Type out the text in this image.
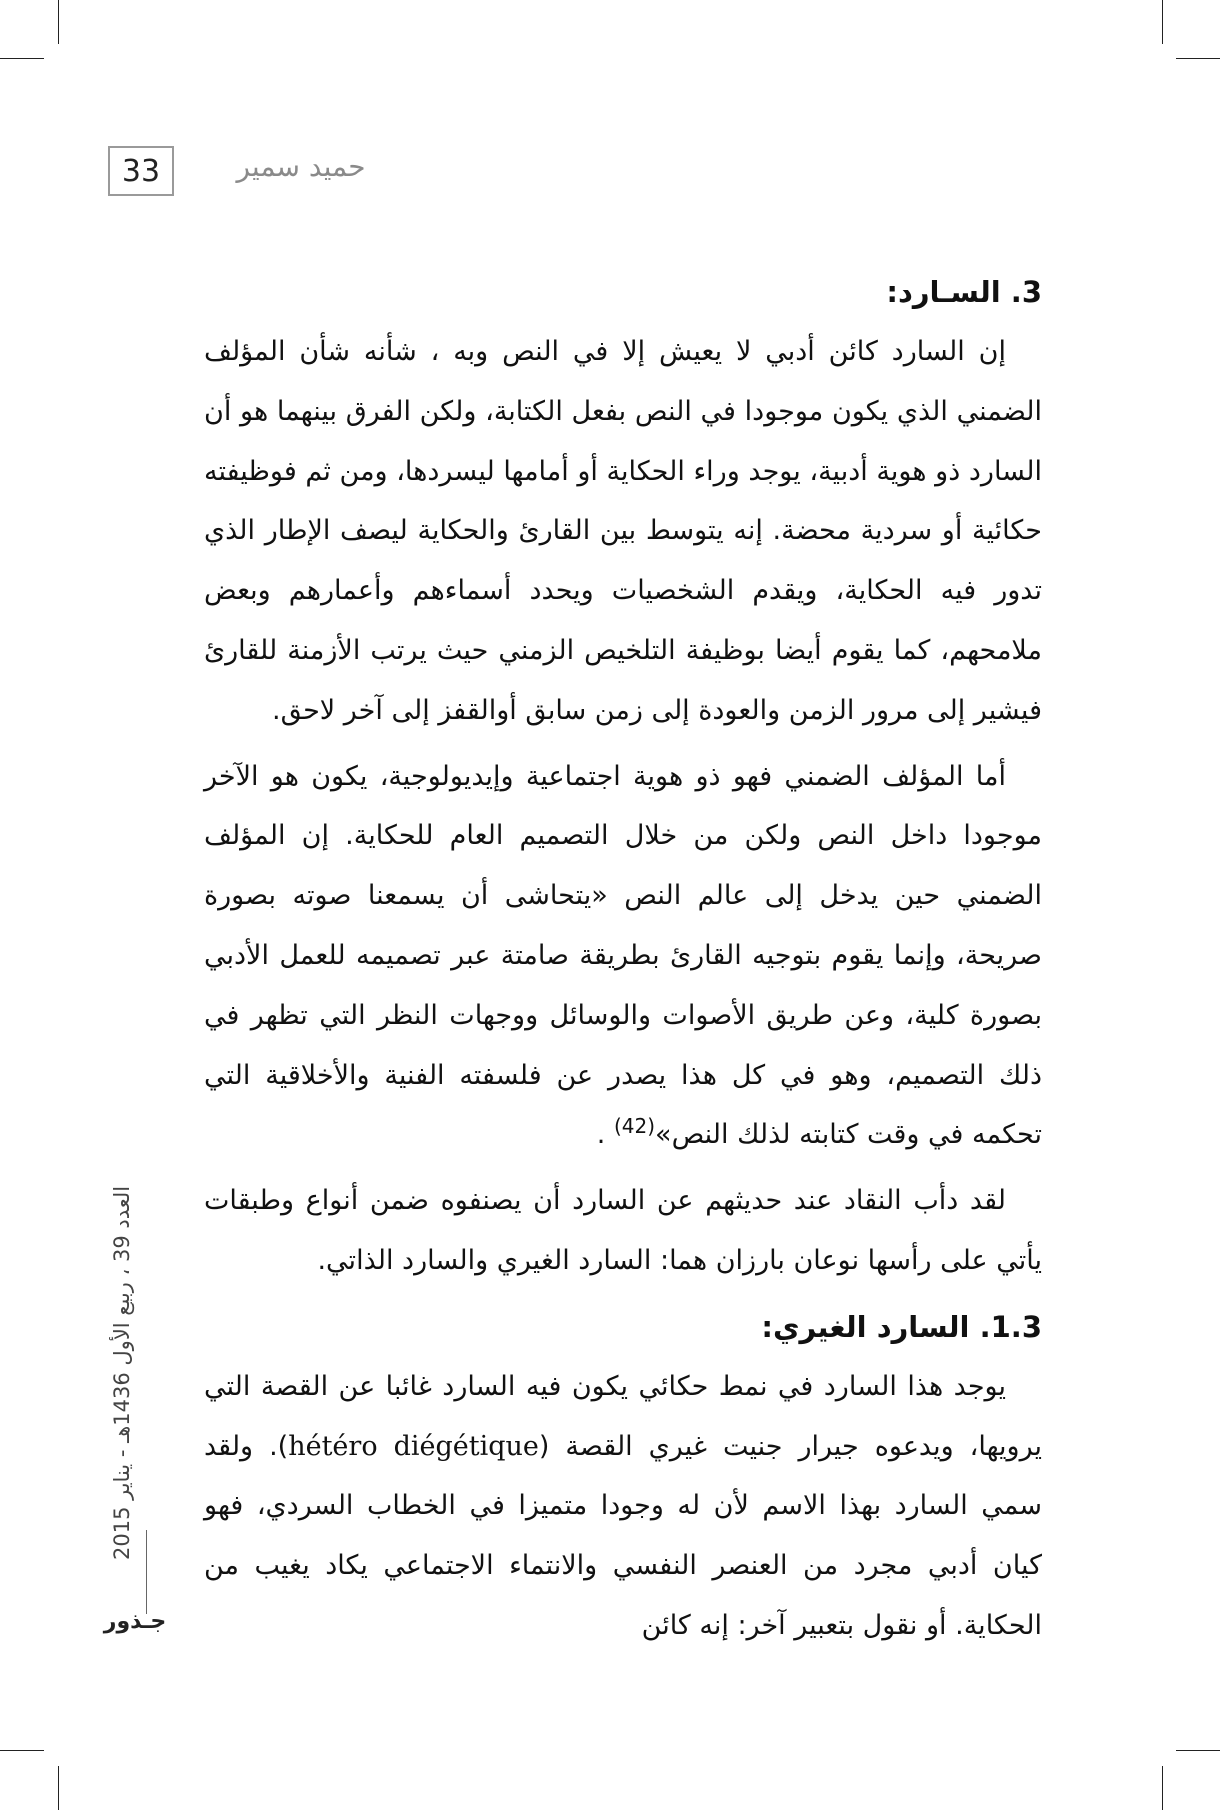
33	حميد سمير
3. السـارد:

إن السارد كائن أدبي لا يعيش إلا في النص وبه ، شأنه شأن المؤلف الضمني الذي يكون موجودا في النص بفعل الكتابة، ولكن الفرق بينهما هو أن السارد ذو هوية أدبية، يوجد وراء الحكاية أو أمامها ليسردها، ومن ثم فوظيفته حكائية أو سردية محضة. إنه يتوسط بين القارئ والحكاية ليصف الإطار الذي تدور فيه الحكاية، ويقدم الشخصيات ويحدد أسماءهم وأعمارهم وبعض ملامحهم، كما يقوم أيضا بوظيفة التلخيص الزمني حيث يرتب الأزمنة للقارئ فيشير إلى مرور الزمن والعودة إلى زمن سابق أوالقفز إلى آخر لاحق.

أما المؤلف الضمني فهو ذو هوية اجتماعية وإيديولوجية، يكون هو الآخر موجودا داخل النص ولكن من خلال التصميم العام للحكاية. إن المؤلف الضمني حين يدخل إلى عالم النص «يتحاشى أن يسمعنا صوته بصورة صريحة، وإنما يقوم بتوجيه القارئ بطريقة صامتة عبر تصميمه للعمل الأدبي بصورة كلية، وعن طريق الأصوات والوسائل ووجهات النظر التي تظهر في ذلك التصميم، وهو في كل هذا يصدر عن فلسفته الفنية والأخلاقية التي تحكمه في وقت كتابته لذلك النص»$^{(42)}$ .

لقد دأب النقاد عند حديثهم عن السارد أن يصنفوه ضمن أنواع وطبقات يأتي على رأسها نوعان بارزان هما: السارد الغيري والسارد الذاتي.

1.3. السارد الغيري:

يوجد هذا السارد في نمط حكائي يكون فيه السارد غائبا عن القصة التي يرويها، ويدعوه جيرار جنيت غيري القصة (hétéro diégétique). ولقد سمي السارد بهذا الاسم لأن له وجودا متميزا في الخطاب السردي، فهو كيان أدبي مجرد من العنصر النفسي والانتماء الاجتماعي يكاد يغيب من الحكاية. أو نقول بتعبير آخر: إنه كائن

العدد 39 ، ربيع الأول 1436هـ - يناير 2015
جـذور
